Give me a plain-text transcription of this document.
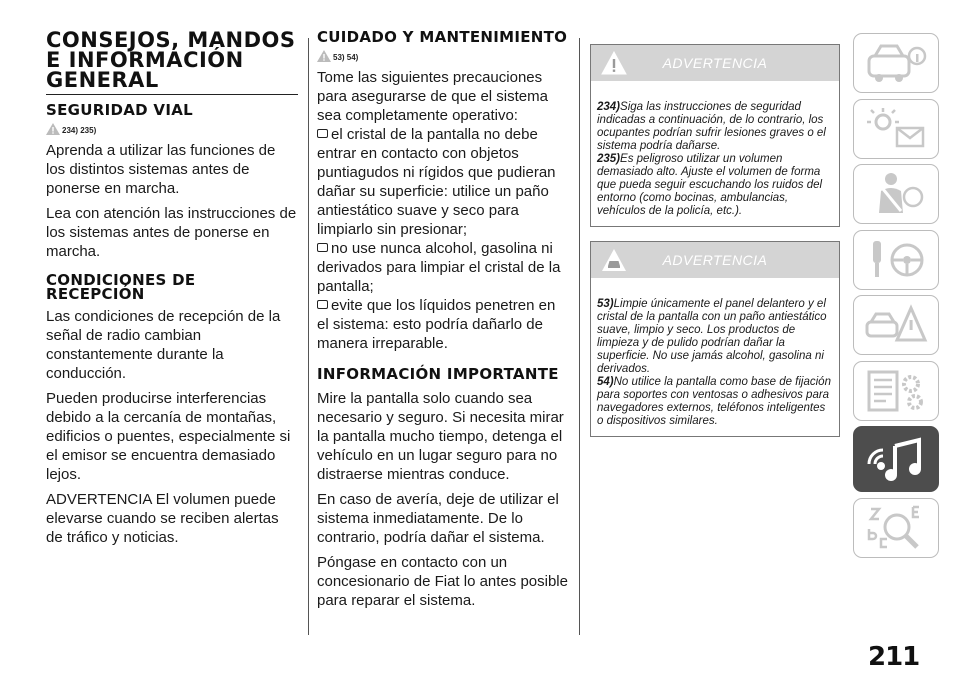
CONSEJOS, MANDOS E INFORMACIÓN GENERAL
SEGURIDAD VIAL
234) 235)

Aprenda a utilizar las funciones de los distintos sistemas antes de ponerse en marcha.

Lea con atención las instrucciones de los sistemas antes de ponerse en marcha.

CONDICIONES DE RECEPCIÓN

Las condiciones de recepción de la señal de radio cambian constantemente durante la conducción.

Pueden producirse interferencias debido a la cercanía de montañas, edificios o puentes, especialmente si el emisor se encuentra demasiado lejos.

ADVERTENCIA El volumen puede elevarse cuando se reciben alertas de tráfico y noticias.

CUIDADO Y MANTENIMIENTO
53) 54)

Tome las siguientes precauciones para asegurarse de que el sistema sea completamente operativo:

el cristal de la pantalla no debe entrar en contacto con objetos puntiagudos ni rígidos que pudieran dañar su superficie: utilice un paño antiestático suave y seco para limpiarlo sin presionar;

no use nunca alcohol, gasolina ni derivados para limpiar el cristal de la pantalla;

evite que los líquidos penetren en el sistema: esto podría dañarlo de manera irreparable.

INFORMACIÓN IMPORTANTE

Mire la pantalla solo cuando sea necesario y seguro. Si necesita mirar la pantalla mucho tiempo, detenga el vehículo en un lugar seguro para no distraerse mientras conduce.

En caso de avería, deje de utilizar el sistema inmediatamente. De lo contrario, podría dañar el sistema.

Póngase en contacto con un concesionario de Fiat lo antes posible para reparar el sistema.

ADVERTENCIA
234)Siga las instrucciones de seguridad indicadas a continuación, de lo contrario, los ocupantes podrían sufrir lesiones graves o el sistema podría dañarse.
235)Es peligroso utilizar un volumen demasiado alto. Ajuste el volumen de forma que pueda seguir escuchando los ruidos del entorno (como bocinas, ambulancias, vehículos de la policía, etc.).
ADVERTENCIA
53)Limpie únicamente el panel delantero y el cristal de la pantalla con un paño antiestático suave, limpio y seco. Los productos de limpieza y de pulido podrían dañar la superficie. No use jamás alcohol, gasolina ni derivados.
54)No utilice la pantalla como base de fijación para soportes con ventosas o adhesivos para navegadores externos, teléfonos inteligentes o dispositivos similares.
211
